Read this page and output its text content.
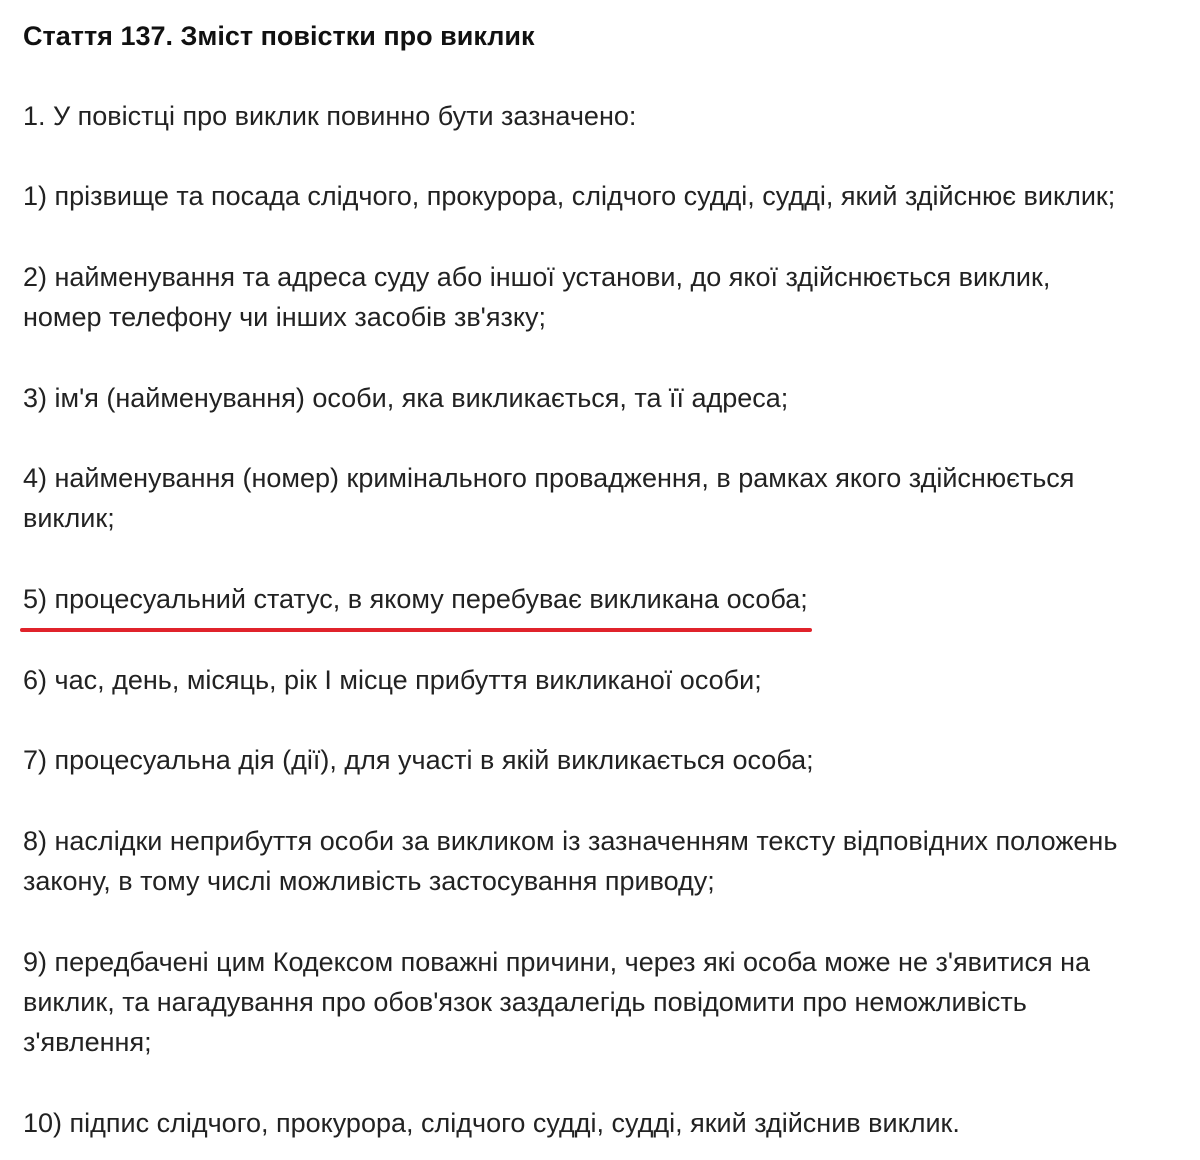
Стаття 137. Зміст повістки про виклик

1. У повістці про виклик повинно бути зазначено:

1) прізвище та посада слідчого, прокурора, слідчого судді, судді, який здійснює виклик;

2) найменування та адреса суду або іншої установи, до якої здійснюється виклик,
номер телефону чи інших засобів зв'язку;

3) ім'я (найменування) особи, яка викликається, та її адреса;

4) найменування (номер) кримінального провадження, в рамках якого здійснюється
виклик;

5) процесуальний статус, в якому перебуває викликана особа;

6) час, день, місяць, рік І місце прибуття викликаної особи;

7) процесуальна дія (дії), для участі в якій викликається особа;

8) наслідки неприбуття особи за викликом із зазначенням тексту відповідних положень
закону, в тому числі можливість застосування приводу;

9) передбачені цим Кодексом поважні причини, через які особа може не з'явитися на
виклик, та нагадування про обов'язок заздалегідь повідомити про неможливість
з'явлення;

10) підпис слідчого, прокурора, слідчого судді, судді, який здійснив виклик.
